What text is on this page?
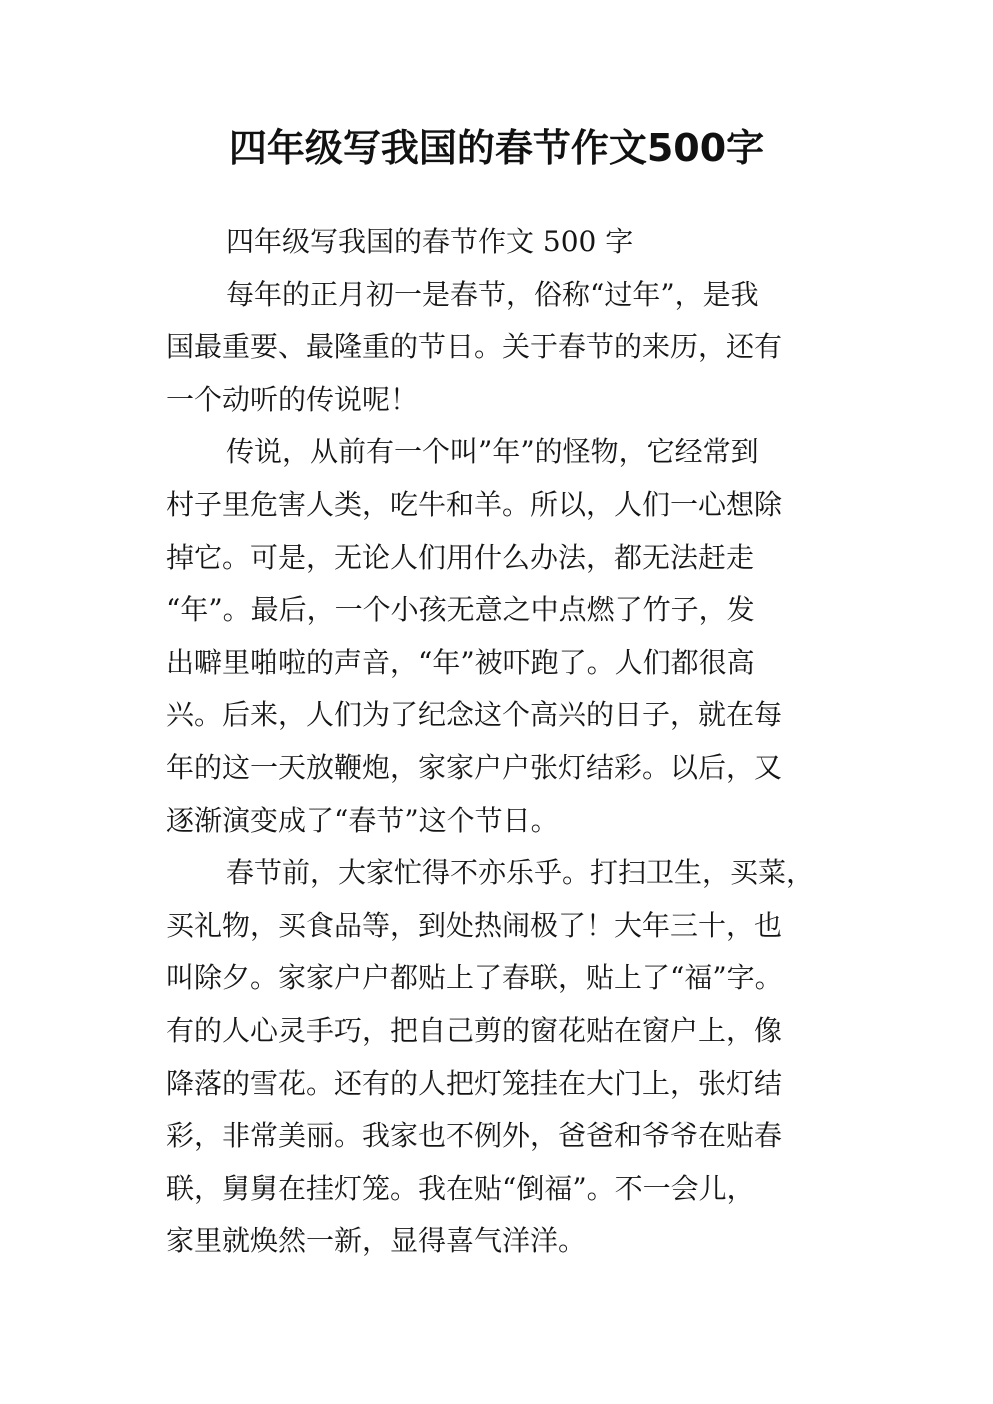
四年级写我国的春节作文500字
四年级写我国的春节作文 500 字
每年的正月初一是春节，俗称“过年”，是我
国最重要、最隆重的节日。关于春节的来历，还有
一个动听的传说呢！
传说，从前有一个叫”年”的怪物，它经常到
村子里危害人类，吃牛和羊。所以，人们一心想除
掉它。可是，无论人们用什么办法，都无法赶走
“年”。最后，一个小孩无意之中点燃了竹子，发
出噼里啪啦的声音，“年”被吓跑了。人们都很高
兴。后来，人们为了纪念这个高兴的日子，就在每
年的这一天放鞭炮，家家户户张灯结彩。以后，又
逐渐演变成了“春节”这个节日。
春节前，大家忙得不亦乐乎。打扫卫生，买菜，
买礼物，买食品等，到处热闹极了！大年三十，也
叫除夕。家家户户都贴上了春联，贴上了“福”字。
有的人心灵手巧，把自己剪的窗花贴在窗户上，像
降落的雪花。还有的人把灯笼挂在大门上，张灯结
彩，非常美丽。我家也不例外，爸爸和爷爷在贴春
联，舅舅在挂灯笼。我在贴“倒福”。不一会儿，
家里就焕然一新，显得喜气洋洋。
